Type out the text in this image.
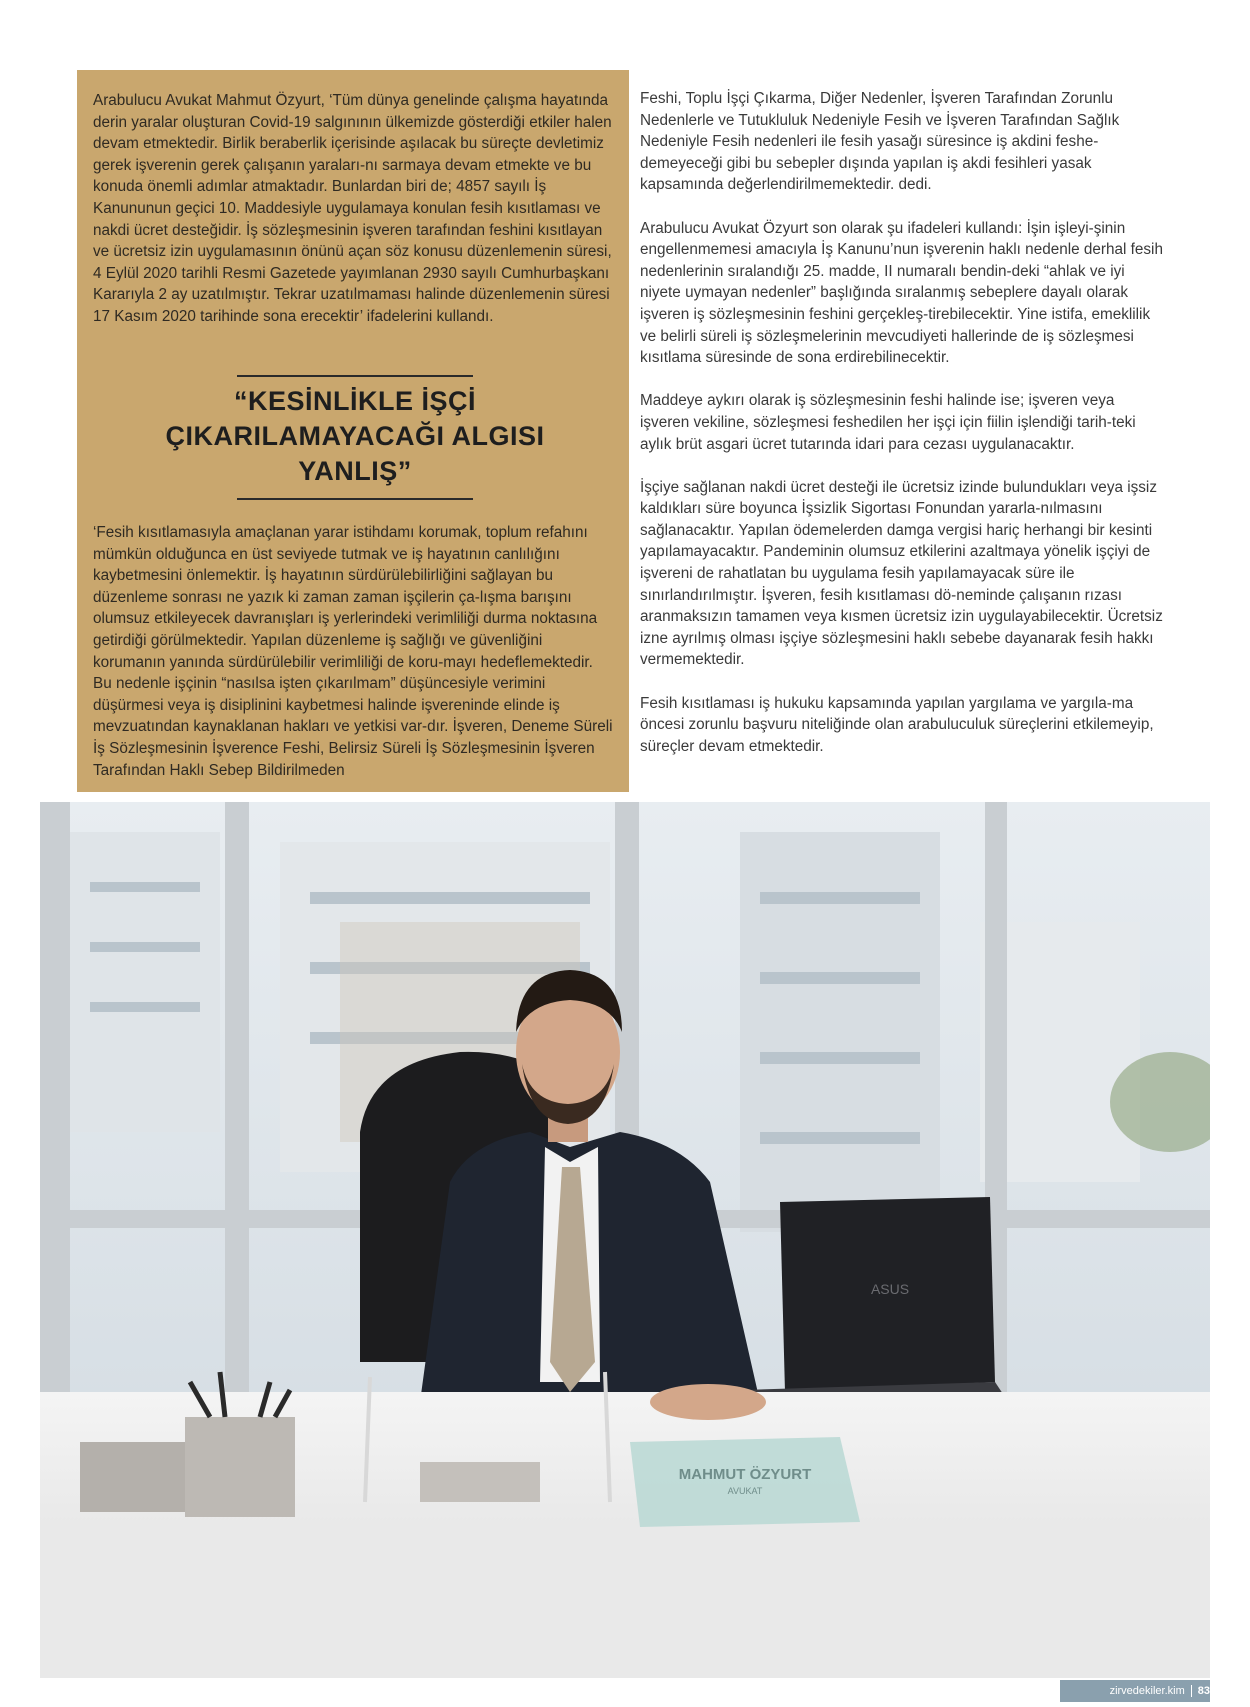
Arabulucu Avukat Mahmut Özyurt, ‘Tüm dünya genelinde çalışma hayatında derin yaralar oluşturan Covid-19 salgınının ülkemizde gösterdiği etkiler halen devam etmektedir. Birlik beraberlik içerisinde aşılacak bu süreçte devletimiz gerek işverenin gerek çalışanın yaraları-nı sarmaya devam etmekte ve bu konuda önemli adımlar atmaktadır. Bunlardan biri de; 4857 sayılı İş Kanununun geçici 10. Maddesiyle uygulamaya konulan fesih kısıtlaması ve nakdi ücret desteğidir. İş sözleşmesinin işveren tarafından feshini kısıtlayan ve ücretsiz izin uygulamasının önünü açan söz konusu düzenlemenin süresi, 4 Eylül 2020 tarihli Resmi Gazetede yayımlanan 2930 sayılı Cumhurbaşkanı Kararıyla 2 ay uzatılmıştır. Tekrar uzatılmaması halinde düzenlemenin süresi 17 Kasım 2020 tarihinde sona erecektir’ ifadelerini kullandı.

“KESİNLİKLE İŞÇİ ÇIKARILAMAYACAĞI ALGISI YANLIŞ”

‘Fesih kısıtlamasıyla amaçlanan yarar istihdamı korumak, toplum refahını mümkün olduğunca en üst seviyede tutmak ve iş hayatının canlılığını kaybetmesini önlemektir. İş hayatının sürdürülebilirliğini sağlayan bu düzenleme sonrası ne yazık ki zaman zaman işçilerin ça-lışma barışını olumsuz etkileyecek davranışları iş yerlerindeki verimliliği durma noktasına getirdiği görülmektedir. Yapılan düzenleme iş sağlığı ve güvenliğini korumanın yanında sürdürülebilir verimliliği de koru-mayı hedeflemektedir. Bu nedenle işçinin “nasılsa işten çıkarılmam” düşüncesiyle verimini düşürmesi veya iş disiplinini kaybetmesi halinde işvereninde elinde iş mevzuatından kaynaklanan hakları ve yetkisi var-dır. İşveren, Deneme Süreli İş Sözleşmesinin İşverence Feshi, Belirsiz Süreli İş Sözleşmesinin İşveren Tarafından Haklı Sebep Bildirilmeden

Feshi, Toplu İşçi Çıkarma, Diğer Nedenler, İşveren Tarafından Zorunlu Nedenlerle ve Tutukluluk Nedeniyle Fesih ve İşveren Tarafından Sağlık Nedeniyle Fesih nedenleri ile fesih yasağı süresince iş akdini feshe-demeyeceği gibi bu sebepler dışında yapılan iş akdi fesihleri yasak kapsamında değerlendirilmemektedir. dedi.

Arabulucu Avukat Özyurt son olarak şu ifadeleri kullandı: İşin işleyi-şinin engellenmemesi amacıyla İş Kanunu’nun işverenin haklı nedenle derhal fesih nedenlerinin sıralandığı 25. madde, II numaralı bendin-deki “ahlak ve iyi niyete uymayan nedenler” başlığında sıralanmış sebeplere dayalı olarak işveren iş sözleşmesinin feshini gerçekleş-tirebilecektir. Yine istifa, emeklilik ve belirli süreli iş sözleşmelerinin mevcudiyeti hallerinde de iş sözleşmesi kısıtlama süresinde de sona erdirebilinecektir.

Maddeye aykırı olarak iş sözleşmesinin feshi halinde ise; işveren veya işveren vekiline, sözleşmesi feshedilen her işçi için fiilin işlendiği tarih-teki aylık brüt asgari ücret tutarında idari para cezası uygulanacaktır.

İşçiye sağlanan nakdi ücret desteği ile ücretsiz izinde bulundukları veya işsiz kaldıkları süre boyunca İşsizlik Sigortası Fonundan yararla-nılmasını sağlanacaktır. Yapılan ödemelerden damga vergisi hariç herhangi bir kesinti yapılamayacaktır. Pandeminin olumsuz etkilerini azaltmaya yönelik işçiyi de işvereni de rahatlatan bu uygulama fesih yapılamayacak süre ile sınırlandırılmıştır. İşveren, fesih kısıtlaması dö-neminde çalışanın rızası aranmaksızın tamamen veya kısmen ücretsiz izin uygulayabilecektir. Ücretsiz izne ayrılmış olması işçiye sözleşmesini haklı sebebe dayanarak fesih hakkı vermemektedir.

Fesih kısıtlaması iş hukuku kapsamında yapılan yargılama ve yargıla-ma öncesi zorunlu başvuru niteliğinde olan arabuluculuk süreçlerini etkilemeyip, süreçler devam etmektedir.

ASUS
MAHMUT ÖZYURT
AVUKAT
zirvedekiler.kim 83
